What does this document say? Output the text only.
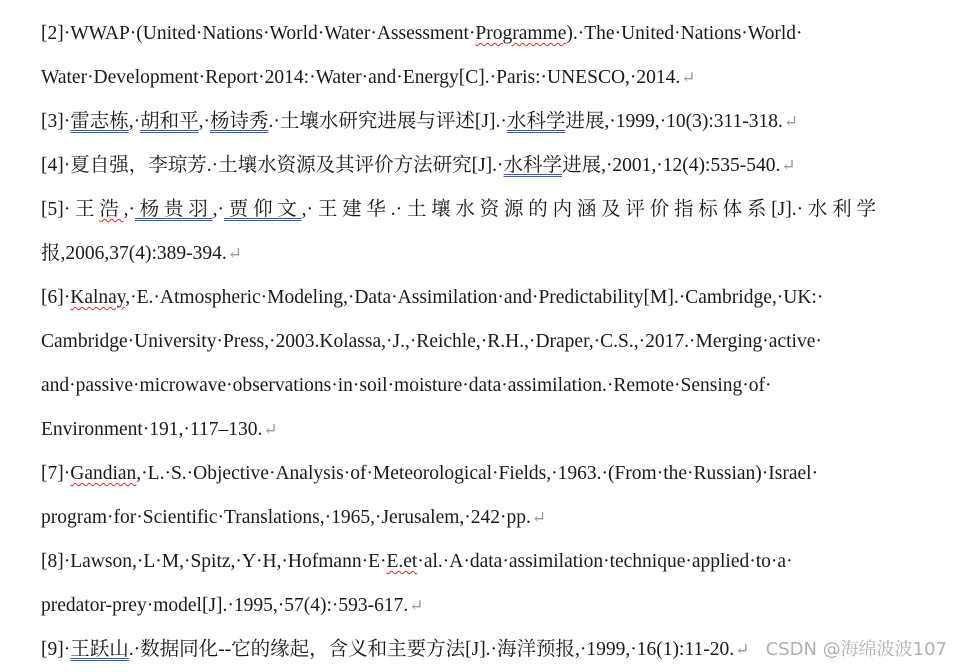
[2]·WWAP·(United·Nations·World·Water·Assessment·Programme).·The·United·Nations·World·
Water·Development·Report·2014:·Water·and·Energy[C].·Paris:·UNESCO,·2014.↵
[3]·雷志栋,·胡和平,·杨诗秀.·土壤水研究进展与评述[J].·水科学进展,·1999,·10(3):311-318.↵
[4]·夏自强，李琼芳.·土壤水资源及其评价方法研究[J].·水科学进展,·2001,·12(4):535-540.↵
[5]·王浩,·杨贵羽,·贾仰文,·王建华.·土壤水资源的内涵及评价指标体系[J].·水利学
报,2006,37(4):389-394.↵
[6]·Kalnay,·E.·Atmospheric·Modeling,·Data·Assimilation·and·Predictability[M].·Cambridge,·UK:·
Cambridge·University·Press,·2003.Kolassa,·J.,·Reichle,·R.H.,·Draper,·C.S.,·2017.·Merging·active·
and·passive·microwave·observations·in·soil·moisture·data·assimilation.·Remote·Sensing·of·
Environment·191,·117–130.↵
[7]·Gandian,·L.·S.·Objective·Analysis·of·Meteorological·Fields,·1963.·(From·the·Russian)·Israel·
program·for·Scientific·Translations,·1965,·Jerusalem,·242·pp.↵
[8]·Lawson,·L·M,·Spitz,·Y·H,·Hofmann·E·E.et·al.·A·data·assimilation·technique·applied·to·a·
predator-prey·model[J].·1995,·57(4):·593-617.↵
[9]·王跃山.·数据同化--它的缘起，含义和主要方法[J].·海洋预报,·1999,·16(1):11-20.↵ CSDN @海绵波波107
